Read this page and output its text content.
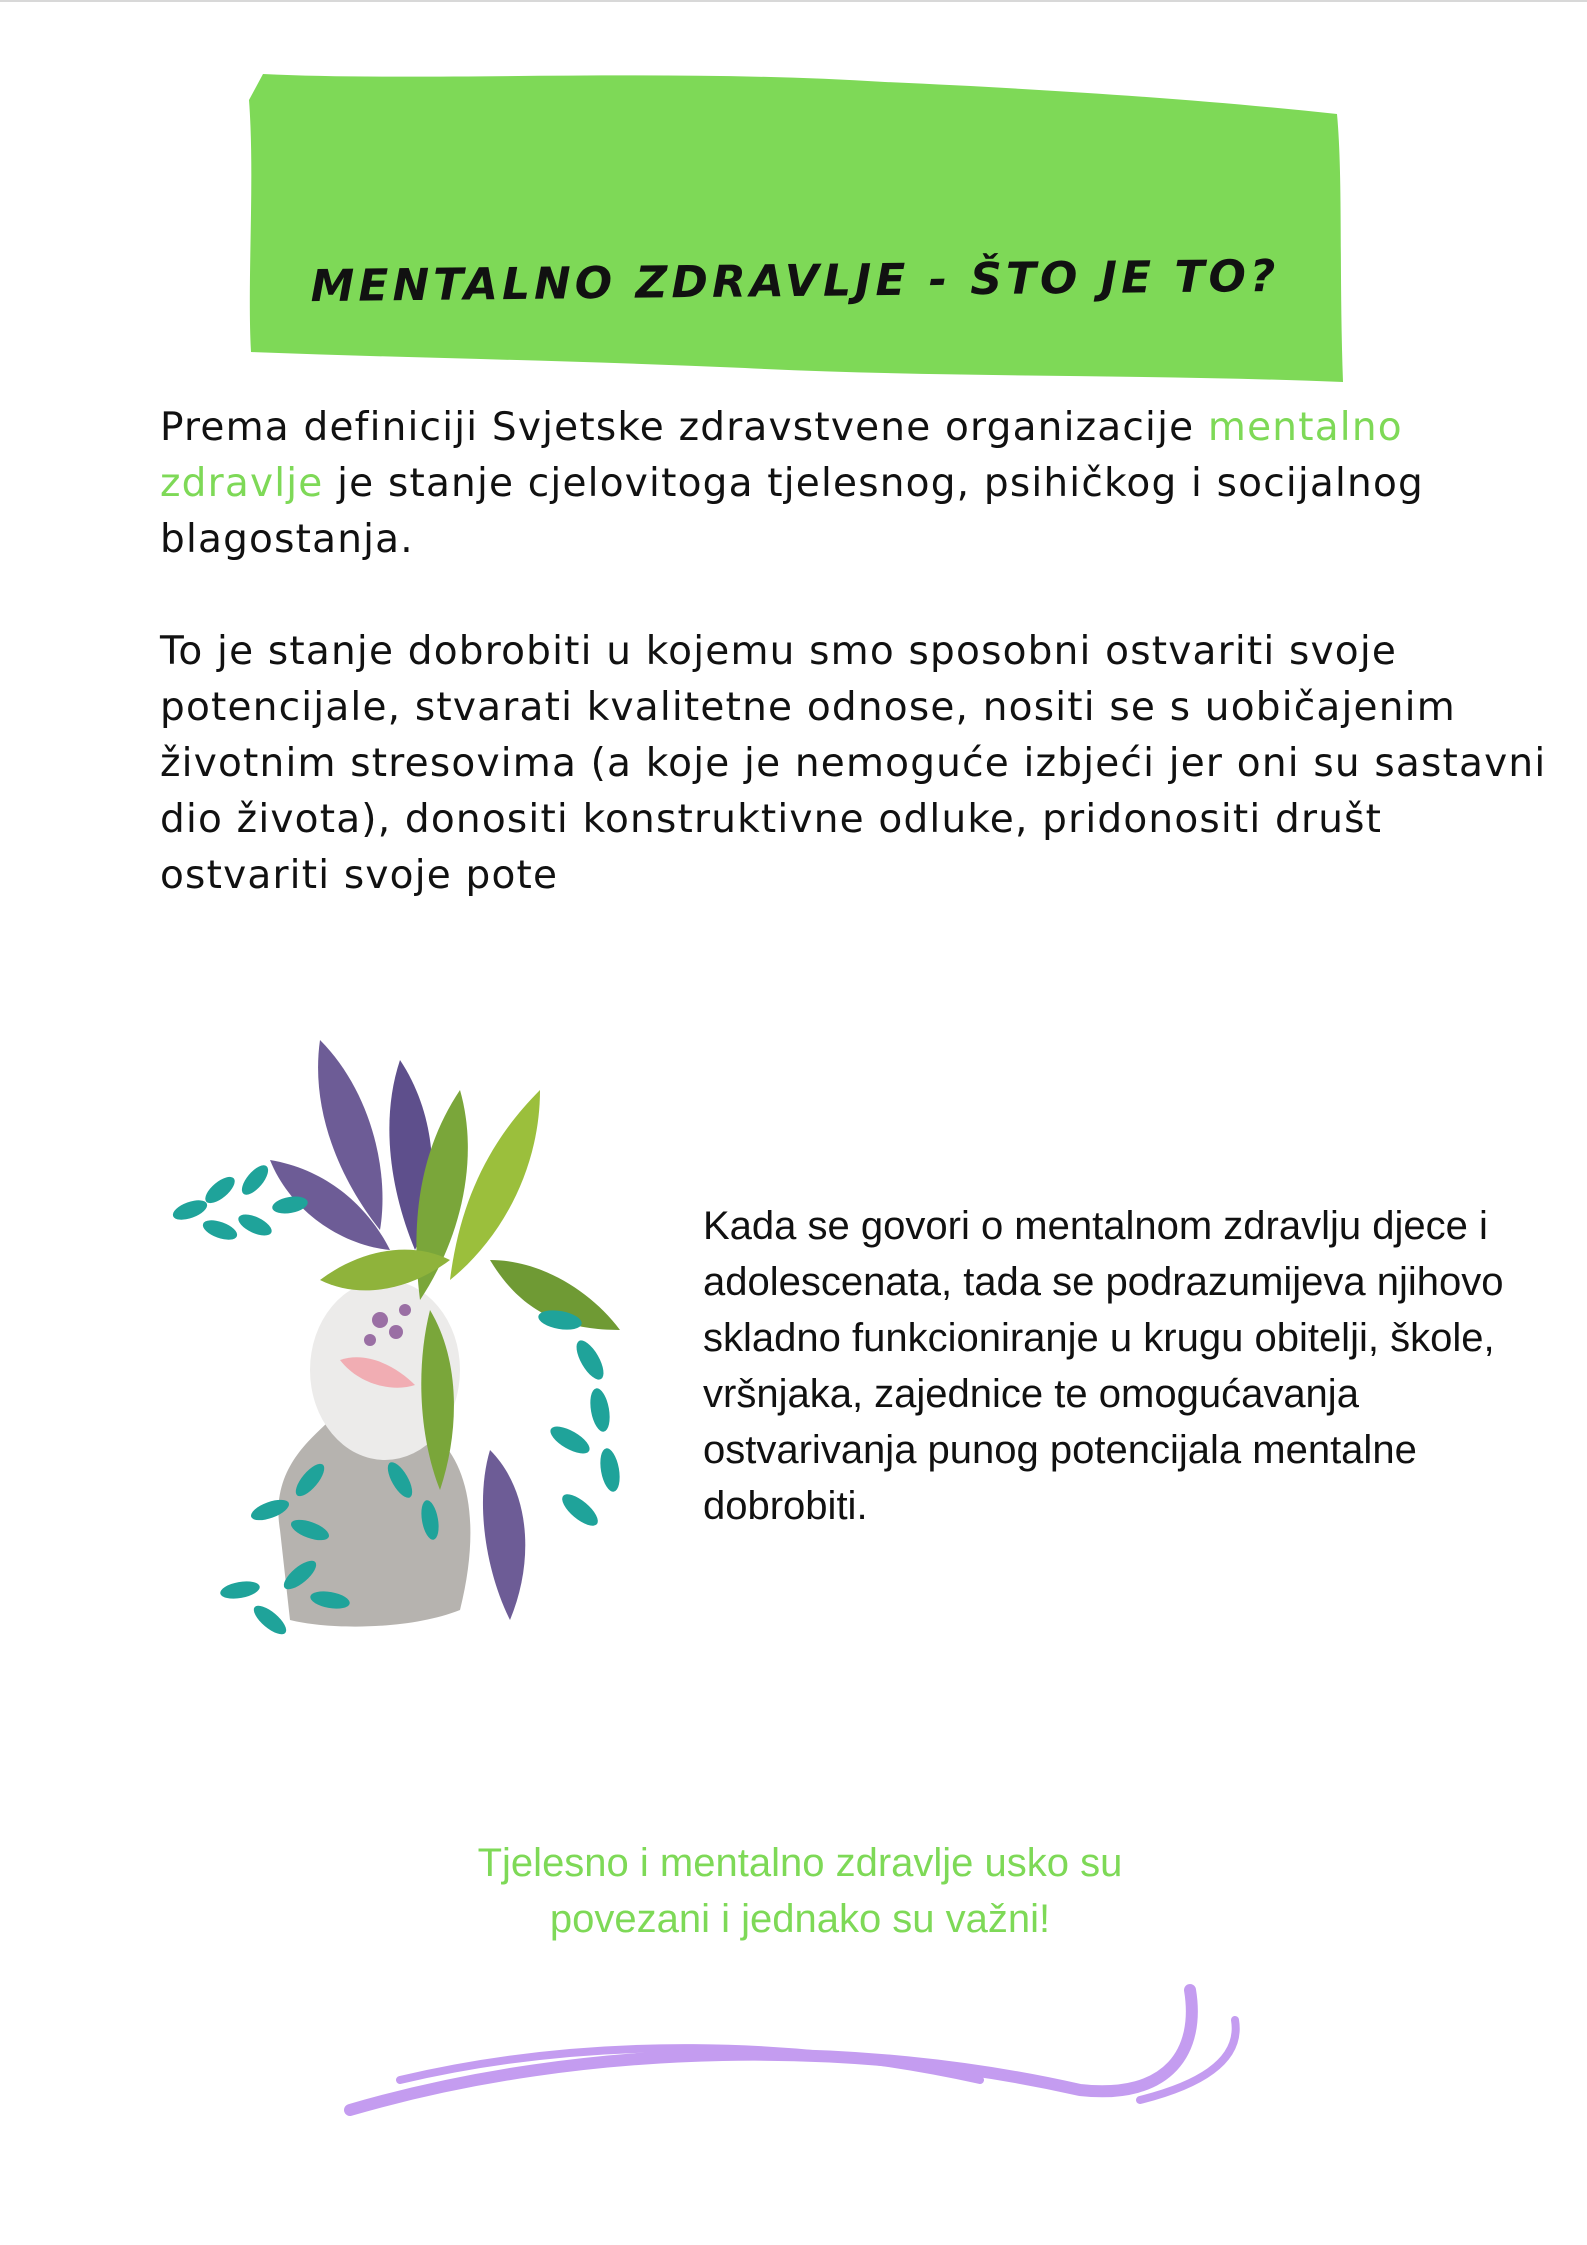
MENTALNO ZDRAVLJE - ŠTO JE TO?

Prema definiciji Svjetske zdravstvene organizacije mentalno zdravlje je stanje cjelovitoga tjelesnog, psihičkog i socijalnog blagostanja.

To je stanje dobrobiti u kojemu smo sposobni ostvariti svoje potencijale, stvarati kvalitetne odnose, nositi se s uobičajenim životnim stresovima (a koje je nemoguće izbjeći jer oni su sastavni dio života), donositi konstruktivne odluke, pridonositi društ ostvariti svoje pote

Kada se govori o mentalnom zdravlju djece i adolescenata, tada se podrazumijeva njihovo skladno funkcioniranje u krugu obitelji, škole, vršnjaka, zajednice te omogućavanja ostvarivanja punog potencijala mentalne dobrobiti.
Tjelesno i mentalno zdravlje usko su povezani i jednako su važni!
